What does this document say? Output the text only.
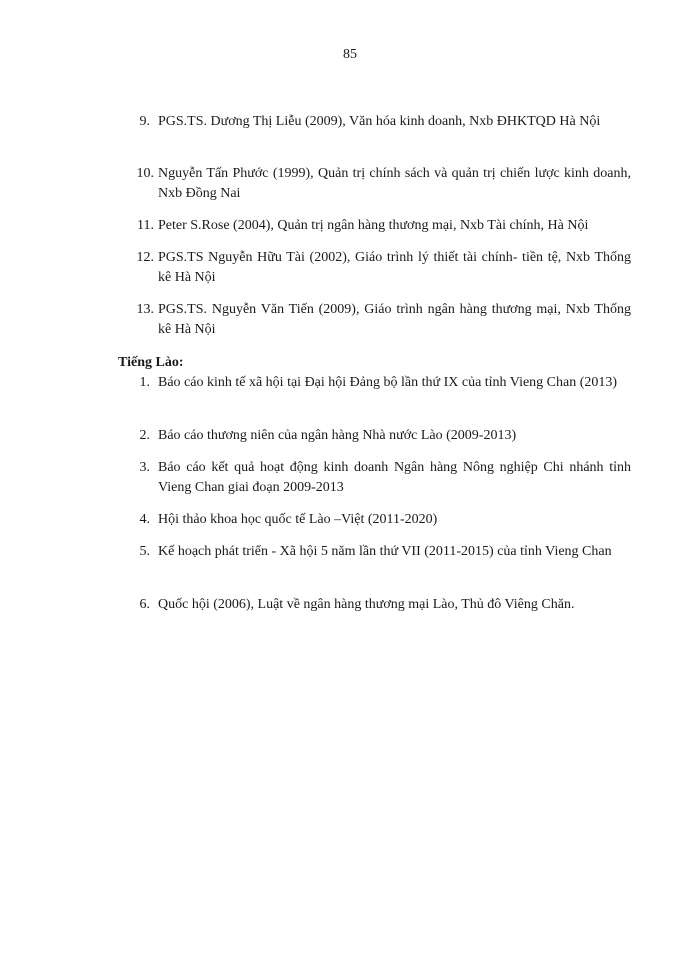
85
9. PGS.TS. Dương Thị Liễu (2009), Văn hóa kinh doanh, Nxb ĐHKTQD Hà Nội
10. Nguyễn Tấn Phước (1999), Quản trị chính sách và quản trị chiến lược kinh doanh, Nxb Đồng Nai
11. Peter S.Rose (2004), Quản trị ngân hàng thương mại, Nxb Tài chính, Hà Nội
12. PGS.TS Nguyễn Hữu Tài (2002), Giáo trình lý thiết tài chính- tiền tệ, Nxb Thống kê Hà Nội
13. PGS.TS. Nguyễn Văn Tiến (2009), Giáo trình ngân hàng thương mại, Nxb Thống kê Hà Nội
Tiếng Lào:
1. Báo cáo kinh tế xã hội tại Đại hội Đảng bộ lần thứ IX của tỉnh Vieng Chan (2013)
2. Báo cáo thương niên của ngân hàng Nhà nước Lào (2009-2013)
3. Báo cáo kết quả hoạt động kinh doanh Ngân hàng Nông nghiệp Chi nhánh tỉnh Vieng Chan giai đoạn 2009-2013
4. Hội thảo khoa học quốc tế Lào –Việt (2011-2020)
5. Kế hoạch phát triển - Xã hội 5 năm lần thứ VII (2011-2015) của tỉnh Vieng Chan
6. Quốc hội (2006), Luật về ngân hàng thương mại Lào, Thủ đô Viêng Chăn.
